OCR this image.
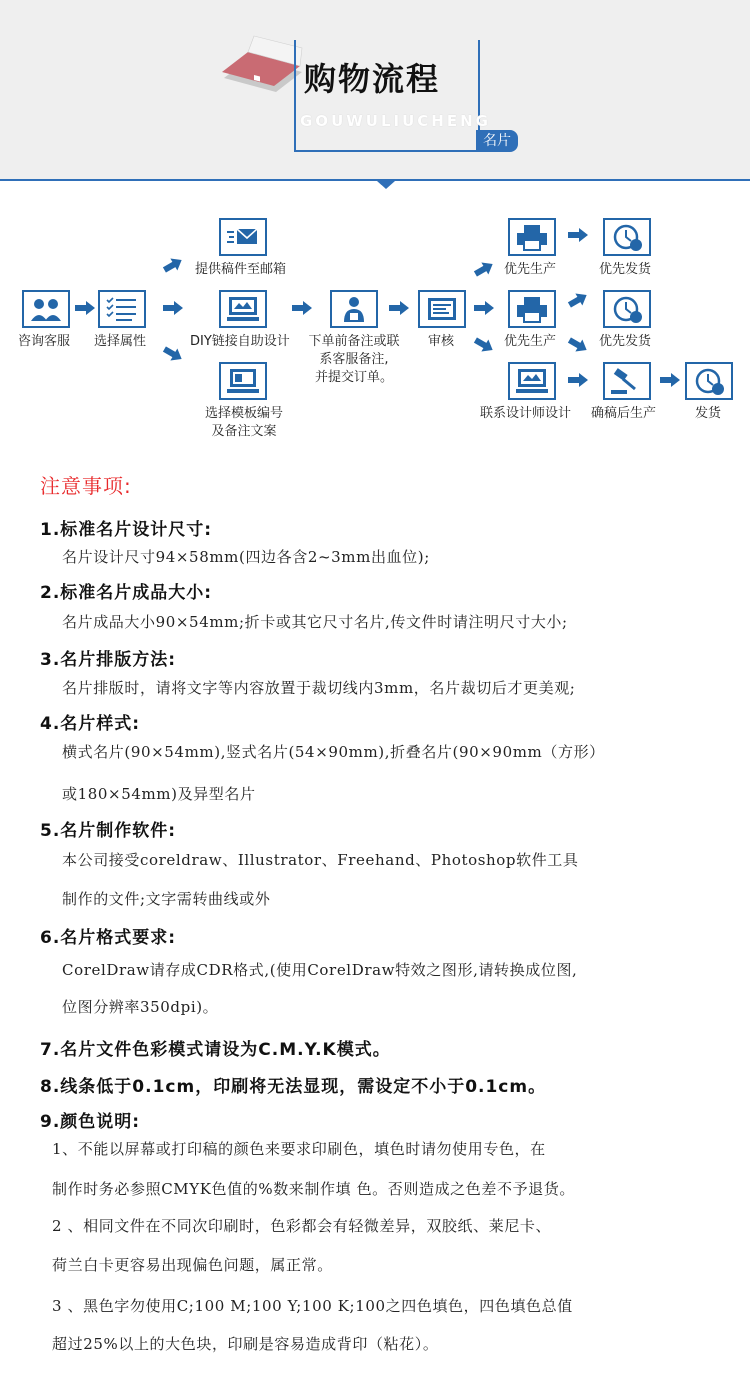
购物流程
GOUWULIUCHENG
名片
咨询客服 选择属性
提供稿件至邮箱
DIY链接自助设计
选择模板编号
及备注文案
下单前备注或联
系客服备注,
并提交订单。
审核
优先生产
优先生产
联系设计师设计
优先发货
优先发货
确稿后生产	发货
注意事项:
1.标准名片设计尺寸:
名片设计尺寸94×58mm(四边各含2~3mm出血位);
2.标准名片成品大小:
名片成品大小90×54mm;折卡或其它尺寸名片,传文件时请注明尺寸大小;
3.名片排版方法:
名片排版时，请将文字等内容放置于裁切线内3mm，名片裁切后才更美观;
4.名片样式:
横式名片(90×54mm),竖式名片(54×90mm),折叠名片(90×90mm（方形）
或180×54mm)及异型名片
5.名片制作软件:
本公司接受coreldraw、Illustrator、Freehand、Photoshop软件工具
制作的文件;文字需转曲线或外
6.名片格式要求:
CorelDraw请存成CDR格式,(使用CorelDraw特效之图形,请转换成位图,
位图分辨率350dpi)。
7.名片文件色彩模式请设为C.M.Y.K模式。
8.线条低于0.1cm，印刷将无法显现，需设定不小于0.1cm。
9.颜色说明:
1、不能以屏幕或打印稿的颜色来要求印刷色，填色时请勿使用专色，在
制作时务必参照CMYK色值的%数来制作填 色。否则造成之色差不予退货。
2 、相同文件在不同次印刷时，色彩都会有轻微差异，双胶纸、莱尼卡、
荷兰白卡更容易出现偏色问题，属正常。
3 、黑色字勿使用C;100 M;100 Y;100 K;100之四色填色，四色填色总值
超过25%以上的大色块，印刷是容易造成背印（粘花）。
